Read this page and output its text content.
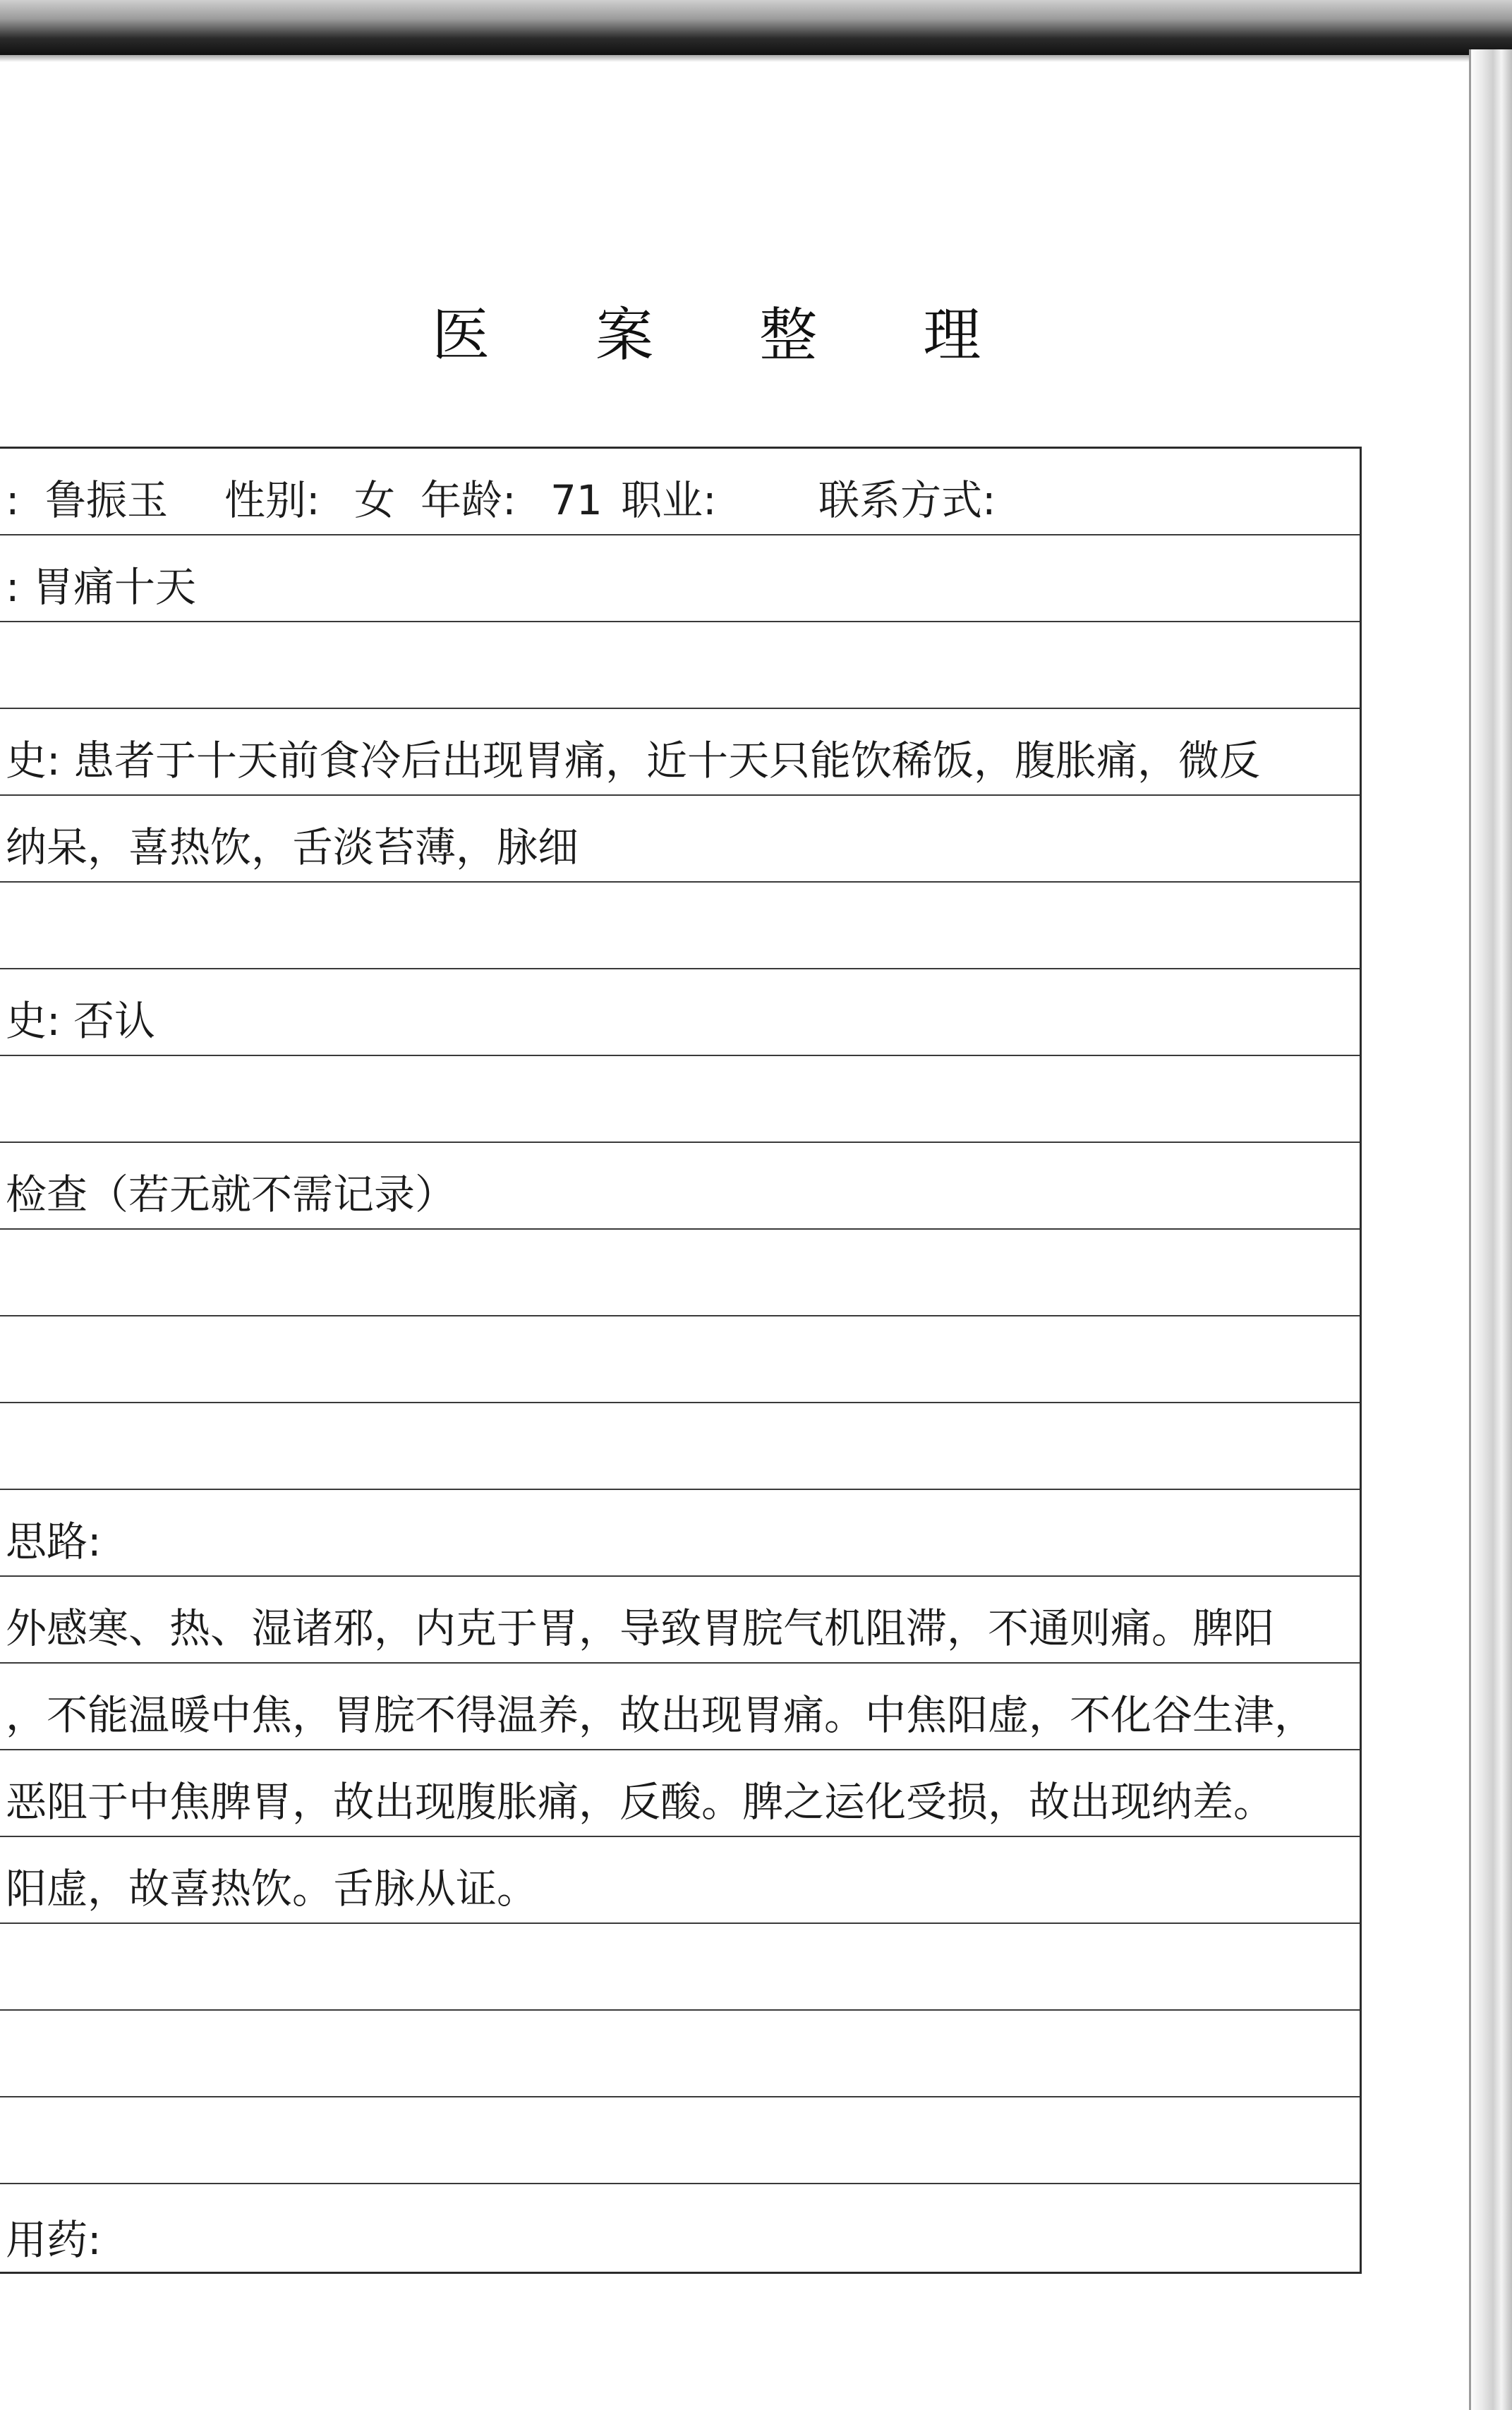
医 案 整 理
: 鲁振玉 性别: 女 年龄: 71 职业: 联系方式:
: 胃痛十天
史: 患者于十天前食冷后出现胃痛，近十天只能饮稀饭，腹胀痛，微反
纳呆，喜热饮，舌淡苔薄，脉细
史: 否认
检查（若无就不需记录）
思路:
外感寒、热、湿诸邪，内克于胃，导致胃脘气机阻滞，不通则痛。脾阳
，不能温暖中焦，胃脘不得温养，故出现胃痛。中焦阳虚，不化谷生津，
恶阻于中焦脾胃，故出现腹胀痛，反酸。脾之运化受损，故出现纳差。
阳虚，故喜热饮。舌脉从证。
用药:
